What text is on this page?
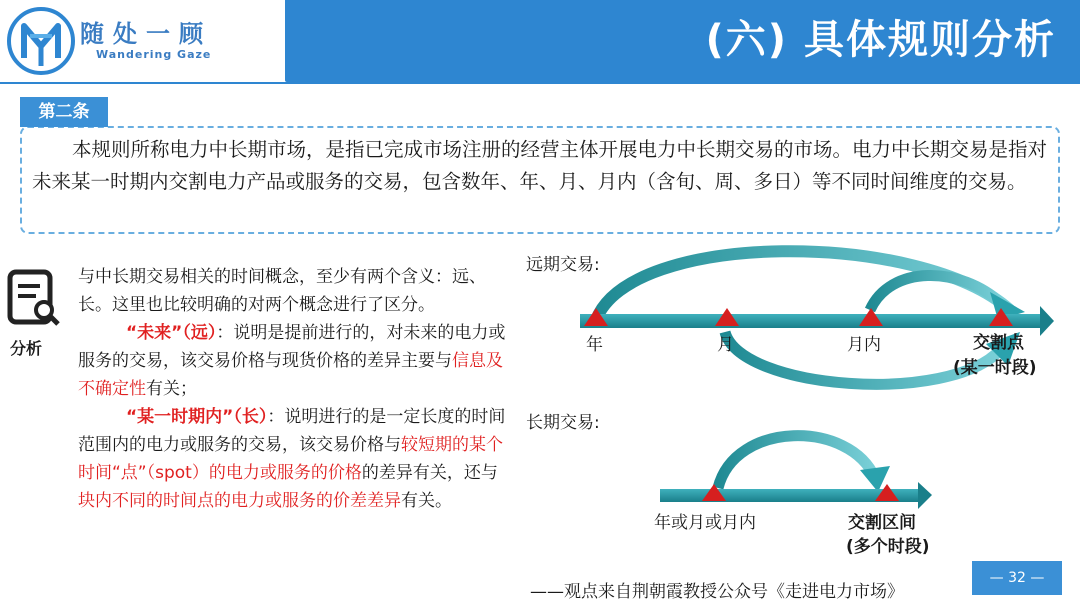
(六) 具体规则分析
随处一顾
Wandering Gaze
第二条
本规则所称电力中长期市场，是指已完成市场注册的经营主体开展电力中长期交易的市场。电力中长期交易是指对未来某一时期内交割电力产品或服务的交易，包含数年、年、月、月内（含旬、周、多日）等不同时间维度的交易。
分析
与中长期交易相关的时间概念，至少有两个含义：远、长。这里也比较明确的对两个概念进行了区分。
“未来”（远）：说明是提前进行的，对未来的电力或服务的交易，该交易价格与现货价格的差异主要与信息及不确定性有关；
“某一时期内”（长）：说明进行的是一定长度的时间范围内的电力或服务的交易，该交易价格与较短期的某个时间“点”（spot）的电力或服务的价格的差异有关，还与块内不同的时间点的电力或服务的价差差异有关。
远期交易:
年	月	月内	交割点
(某一时段)
长期交易:
年或月或月内	交割区间
(多个时段)
——观点来自荆朝霞教授公众号《走进电力市场》
— 32 —
